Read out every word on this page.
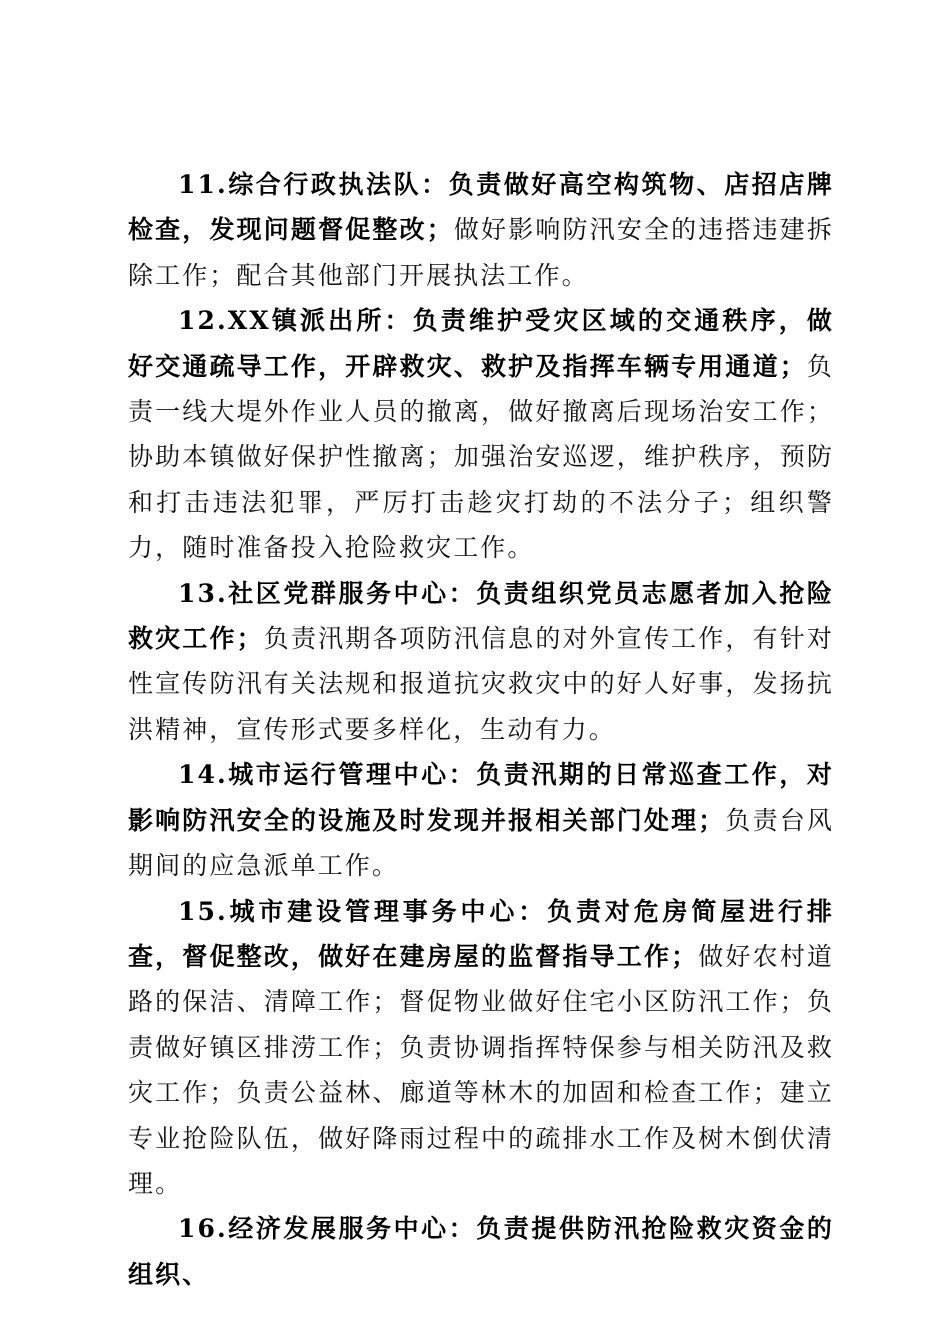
11.综合行政执法队：负责做好高空构筑物、店招店牌检查，发现问题督促整改；做好影响防汛安全的违搭违建拆除工作；配合其他部门开展执法工作。

12.XX镇派出所：负责维护受灾区域的交通秩序，做好交通疏导工作，开辟救灾、救护及指挥车辆专用通道；负责一线大堤外作业人员的撤离，做好撤离后现场治安工作；协助本镇做好保护性撤离；加强治安巡逻，维护秩序，预防和打击违法犯罪，严厉打击趁灾打劫的不法分子；组织警力，随时准备投入抢险救灾工作。

13.社区党群服务中心：负责组织党员志愿者加入抢险救灾工作；负责汛期各项防汛信息的对外宣传工作，有针对性宣传防汛有关法规和报道抗灾救灾中的好人好事，发扬抗洪精神，宣传形式要多样化，生动有力。

14.城市运行管理中心：负责汛期的日常巡查工作，对影响防汛安全的设施及时发现并报相关部门处理；负责台风期间的应急派单工作。

15.城市建设管理事务中心：负责对危房简屋进行排查，督促整改，做好在建房屋的监督指导工作；做好农村道路的保洁、清障工作；督促物业做好住宅小区防汛工作；负责做好镇区排涝工作；负责协调指挥特保参与相关防汛及救灾工作；负责公益林、廊道等林木的加固和检查工作；建立专业抢险队伍，做好降雨过程中的疏排水工作及树木倒伏清理。

16.经济发展服务中心：负责提供防汛抢险救灾资金的组织、
